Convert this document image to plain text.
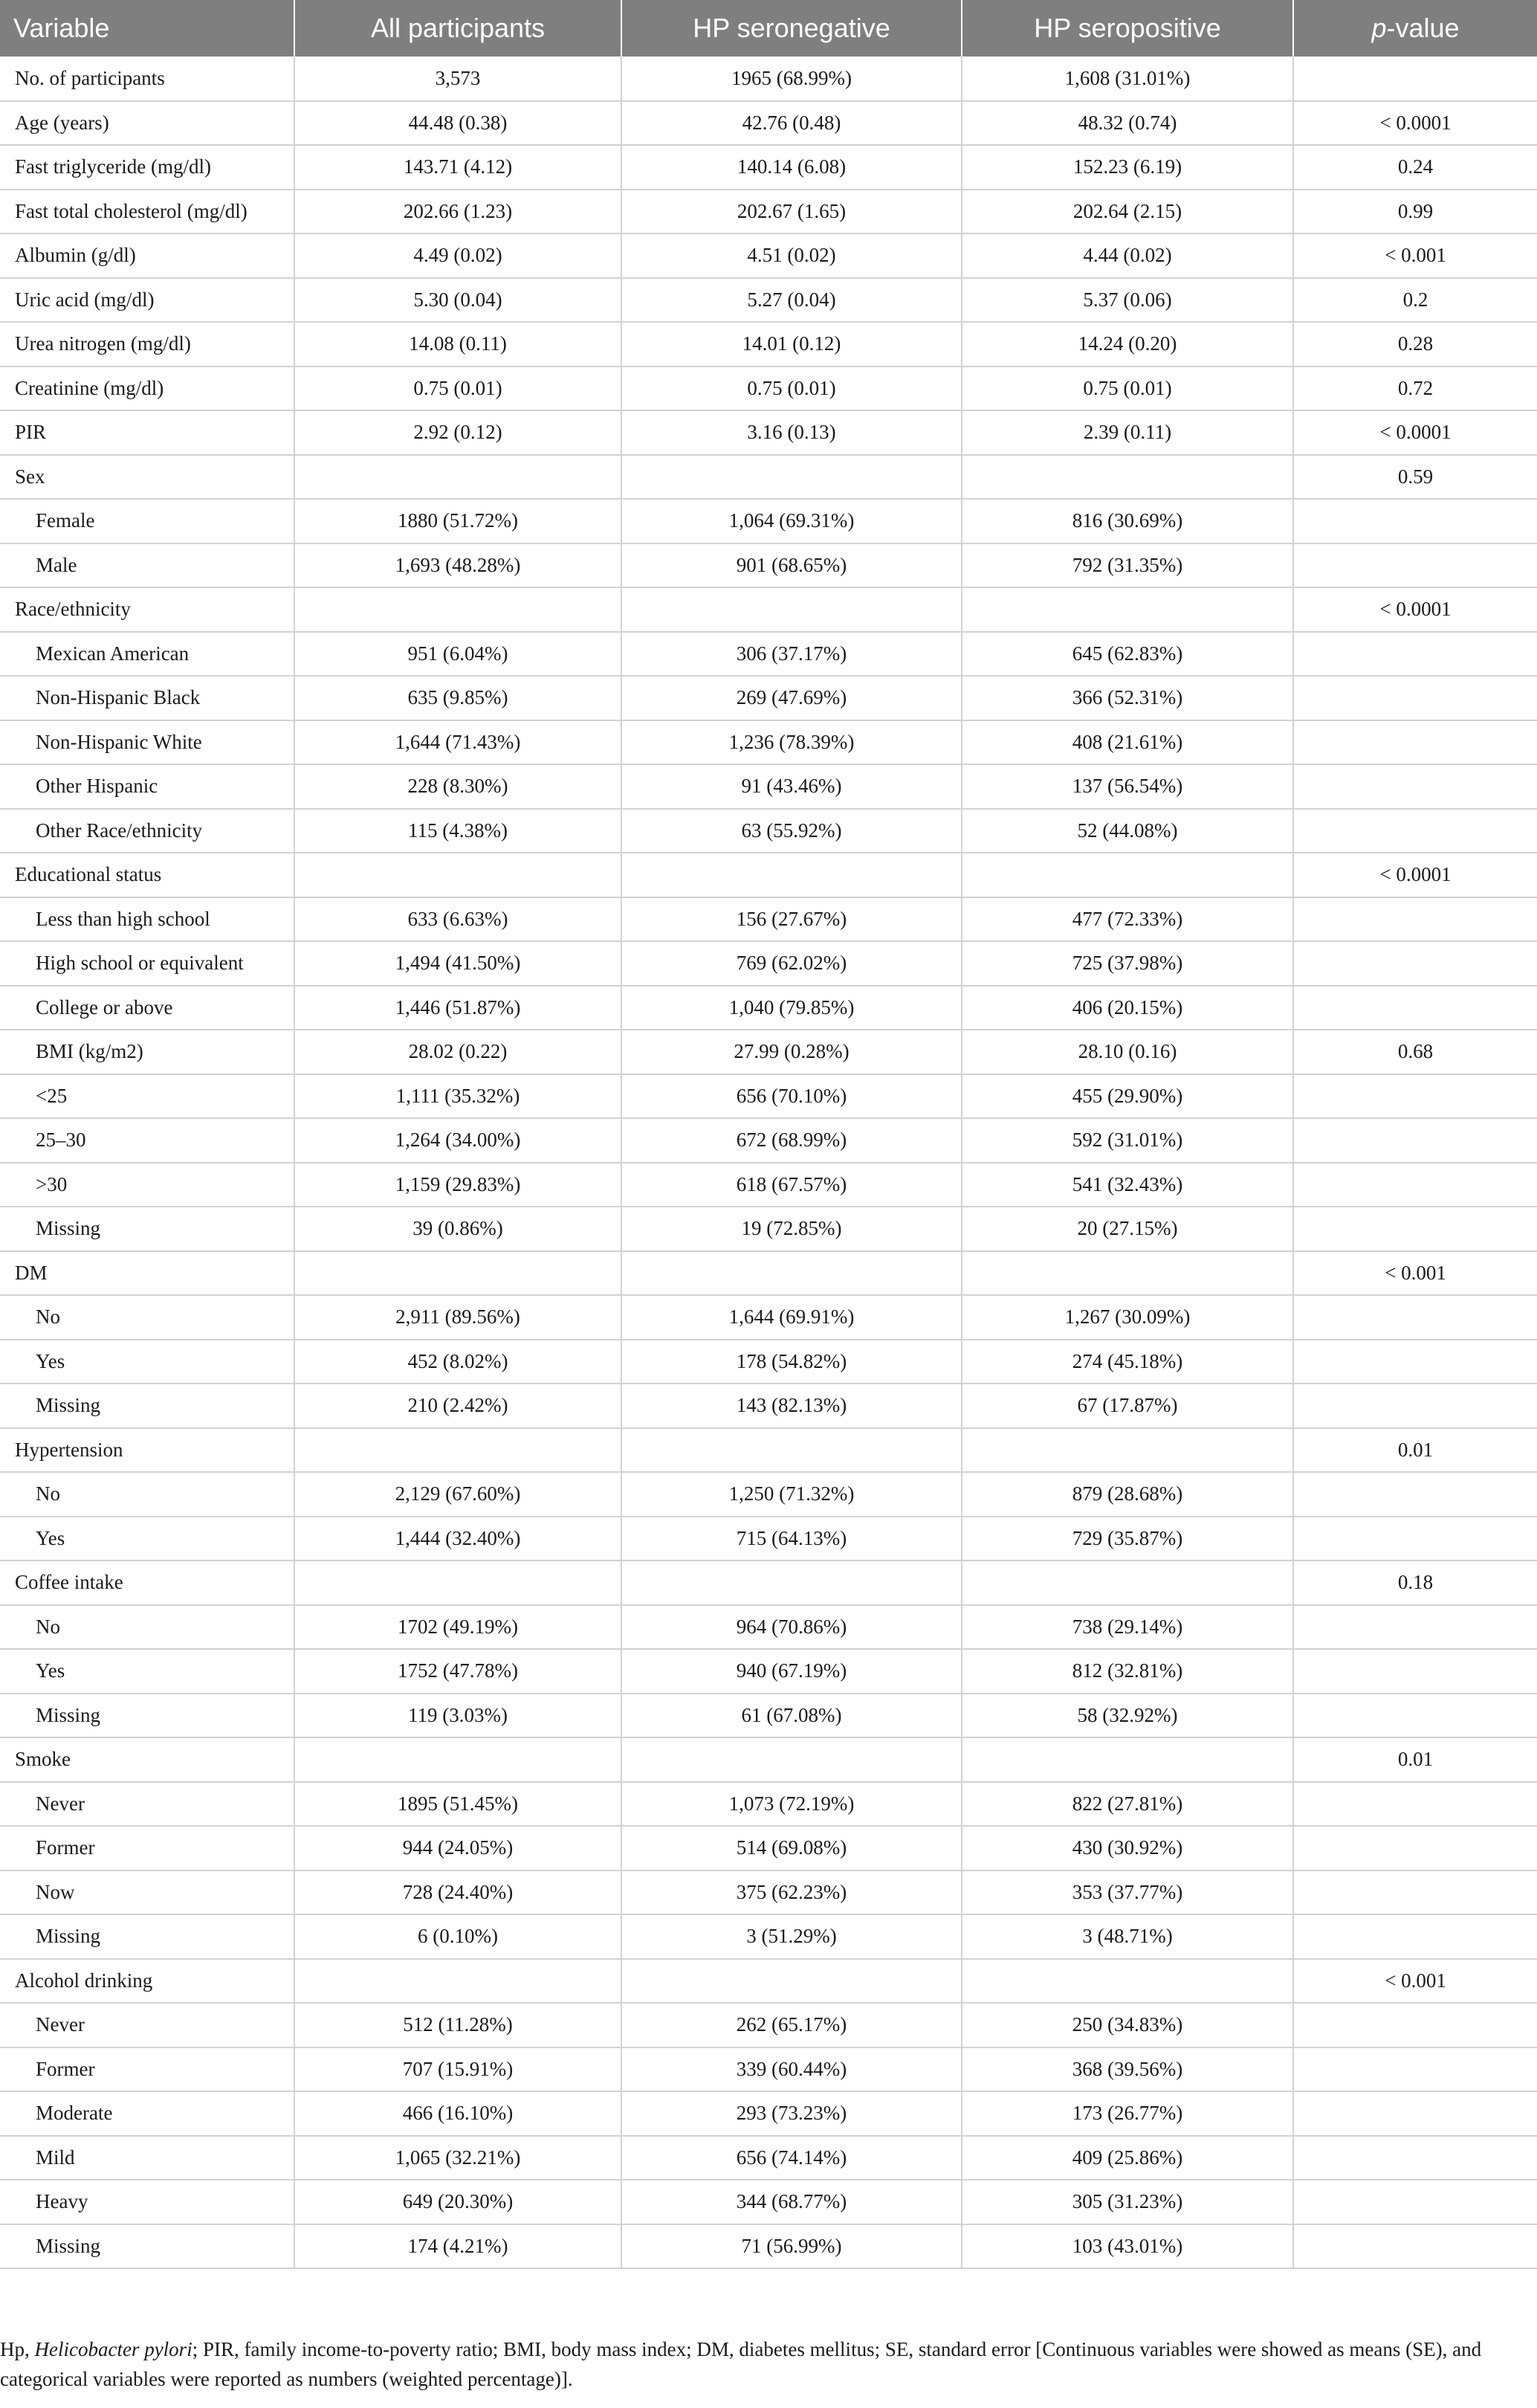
Variable	All participants	HP seronegative	HP seropositive	p-value
No. of participants	3,573	1965 (68.99%)	1,608 (31.01%)	
Age (years)	44.48 (0.38)	42.76 (0.48)	48.32 (0.74)	< 0.0001
Fast triglyceride (mg/dl)	143.71 (4.12)	140.14 (6.08)	152.23 (6.19)	0.24
Fast total cholesterol (mg/dl)	202.66 (1.23)	202.67 (1.65)	202.64 (2.15)	0.99
Albumin (g/dl)	4.49 (0.02)	4.51 (0.02)	4.44 (0.02)	< 0.001
Uric acid (mg/dl)	5.30 (0.04)	5.27 (0.04)	5.37 (0.06)	0.2
Urea nitrogen (mg/dl)	14.08 (0.11)	14.01 (0.12)	14.24 (0.20)	0.28
Creatinine (mg/dl)	0.75 (0.01)	0.75 (0.01)	0.75 (0.01)	0.72
PIR	2.92 (0.12)	3.16 (0.13)	2.39 (0.11)	< 0.0001
Sex				0.59
Female	1880 (51.72%)	1,064 (69.31%)	816 (30.69%)	
Male	1,693 (48.28%)	901 (68.65%)	792 (31.35%)	
Race/ethnicity				< 0.0001
Mexican American	951 (6.04%)	306 (37.17%)	645 (62.83%)	
Non-Hispanic Black	635 (9.85%)	269 (47.69%)	366 (52.31%)	
Non-Hispanic White	1,644 (71.43%)	1,236 (78.39%)	408 (21.61%)	
Other Hispanic	228 (8.30%)	91 (43.46%)	137 (56.54%)	
Other Race/ethnicity	115 (4.38%)	63 (55.92%)	52 (44.08%)	
Educational status				< 0.0001
Less than high school	633 (6.63%)	156 (27.67%)	477 (72.33%)	
High school or equivalent	1,494 (41.50%)	769 (62.02%)	725 (37.98%)	
College or above	1,446 (51.87%)	1,040 (79.85%)	406 (20.15%)	
BMI (kg/m2)	28.02 (0.22)	27.99 (0.28%)	28.10 (0.16)	0.68
<25	1,111 (35.32%)	656 (70.10%)	455 (29.90%)	
25–30	1,264 (34.00%)	672 (68.99%)	592 (31.01%)	
>30	1,159 (29.83%)	618 (67.57%)	541 (32.43%)	
Missing	39 (0.86%)	19 (72.85%)	20 (27.15%)	
DM				< 0.001
No	2,911 (89.56%)	1,644 (69.91%)	1,267 (30.09%)	
Yes	452 (8.02%)	178 (54.82%)	274 (45.18%)	
Missing	210 (2.42%)	143 (82.13%)	67 (17.87%)	
Hypertension				0.01
No	2,129 (67.60%)	1,250 (71.32%)	879 (28.68%)	
Yes	1,444 (32.40%)	715 (64.13%)	729 (35.87%)	
Coffee intake				0.18
No	1702 (49.19%)	964 (70.86%)	738 (29.14%)	
Yes	1752 (47.78%)	940 (67.19%)	812 (32.81%)	
Missing	119 (3.03%)	61 (67.08%)	58 (32.92%)	
Smoke				0.01
Never	1895 (51.45%)	1,073 (72.19%)	822 (27.81%)	
Former	944 (24.05%)	514 (69.08%)	430 (30.92%)	
Now	728 (24.40%)	375 (62.23%)	353 (37.77%)	
Missing	6 (0.10%)	3 (51.29%)	3 (48.71%)	
Alcohol drinking				< 0.001
Never	512 (11.28%)	262 (65.17%)	250 (34.83%)	
Former	707 (15.91%)	339 (60.44%)	368 (39.56%)	
Moderate	466 (16.10%)	293 (73.23%)	173 (26.77%)	
Mild	1,065 (32.21%)	656 (74.14%)	409 (25.86%)	
Heavy	649 (20.30%)	344 (68.77%)	305 (31.23%)	
Missing	174 (4.21%)	71 (56.99%)	103 (43.01%)	
Hp, Helicobacter pylori; PIR, family income-to-poverty ratio; BMI, body mass index; DM, diabetes mellitus; SE, standard error [Continuous variables were showed as means (SE), and categorical variables were reported as numbers (weighted percentage)].
